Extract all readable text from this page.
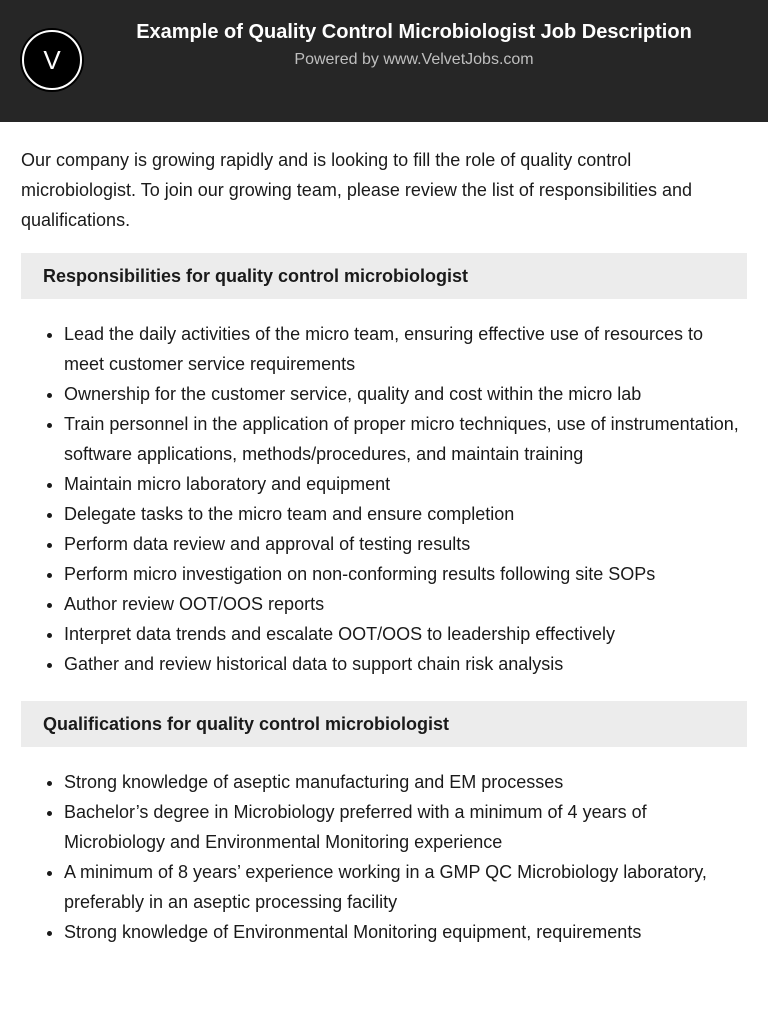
V
Example of Quality Control Microbiologist Job Description
Powered by www.VelvetJobs.com

Our company is growing rapidly and is looking to fill the role of quality control microbiologist. To join our growing team, please review the list of responsibilities and qualifications.

Responsibilities for quality control microbiologist
• Lead the daily activities of the micro team, ensuring effective use of resources to meet customer service requirements
• Ownership for the customer service, quality and cost within the micro lab
• Train personnel in the application of proper micro techniques, use of instrumentation, software applications, methods/procedures, and maintain training
• Maintain micro laboratory and equipment
• Delegate tasks to the micro team and ensure completion
• Perform data review and approval of testing results
• Perform micro investigation on non-conforming results following site SOPs
• Author review OOT/OOS reports
• Interpret data trends and escalate OOT/OOS to leadership effectively
• Gather and review historical data to support chain risk analysis
Qualifications for quality control microbiologist
• Strong knowledge of aseptic manufacturing and EM processes
• Bachelor’s degree in Microbiology preferred with a minimum of 4 years of Microbiology and Environmental Monitoring experience
• A minimum of 8 years’ experience working in a GMP QC Microbiology laboratory, preferably in an aseptic processing facility
• Strong knowledge of Environmental Monitoring equipment, requirements
